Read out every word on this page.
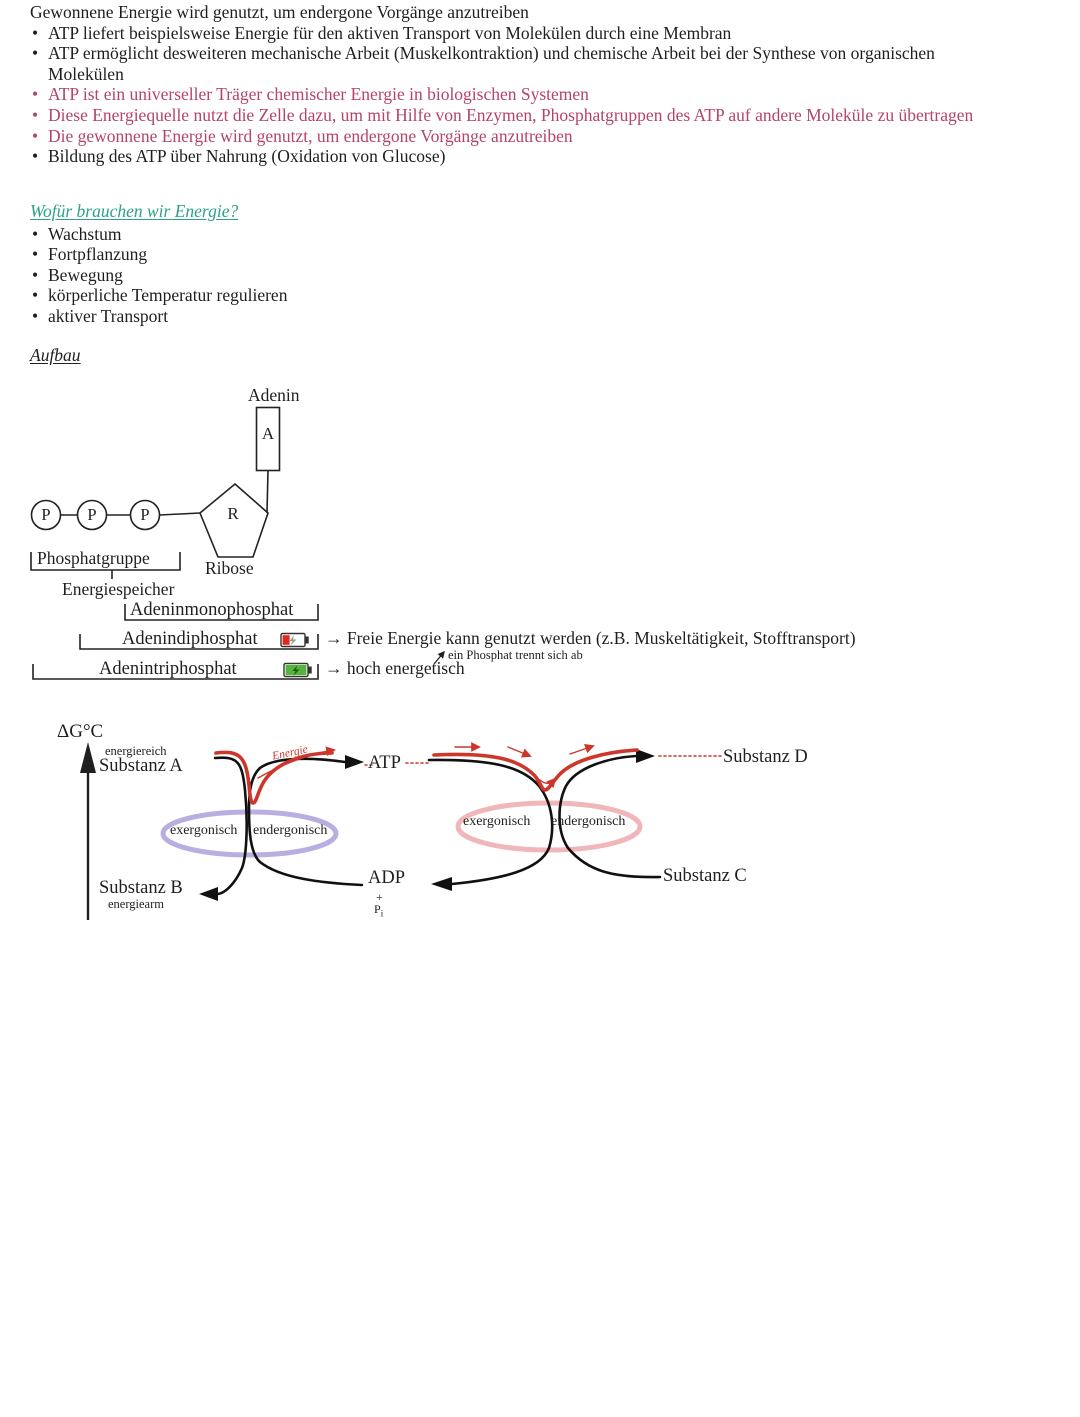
Gewonnene Energie wird genutzt, um endergone Vorgänge anzutreiben
•
ATP liefert beispielsweise Energie für den aktiven Transport von Molekülen durch eine Membran
•
ATP ermöglicht desweiteren mechanische Arbeit (Muskelkontraktion) und chemische Arbeit bei der Synthese von organischen Molekülen
•
ATP ist ein universeller Träger chemischer Energie in biologischen Systemen
•
Diese Energiequelle nutzt die Zelle dazu, um mit Hilfe von Enzymen, Phosphatgruppen des ATP auf andere Moleküle zu übertragen
•
Die gewonnene Energie wird genutzt, um endergone Vorgänge anzutreiben
•
Bildung des ATP über Nahrung (Oxidation von Glucose)
Wofür brauchen wir Energie?
•
Wachstum
•
Fortpflanzung
•
Bewegung
•
körperliche Temperatur regulieren
•
aktiver Transport
Aufbau
Adenin
A
P	P	P	R
Ribose
Phosphatgruppe
Energiespeicher
Adeninmonophosphat
Adenindiphosphat
Adenintriphosphat
→ Freie Energie kann genutzt werden (z.B. Muskeltätigkeit, Stofftransport)
→ hoch energetisch
ein Phosphat trennt sich ab
ΔG°C
energiereich
Substanz A
Energie	ATP	Substanz D
exergonisch endergonisch
exergonisch endergonisch
ADP
+
$P_i$
Substanz B
energiearm
Substanz C
